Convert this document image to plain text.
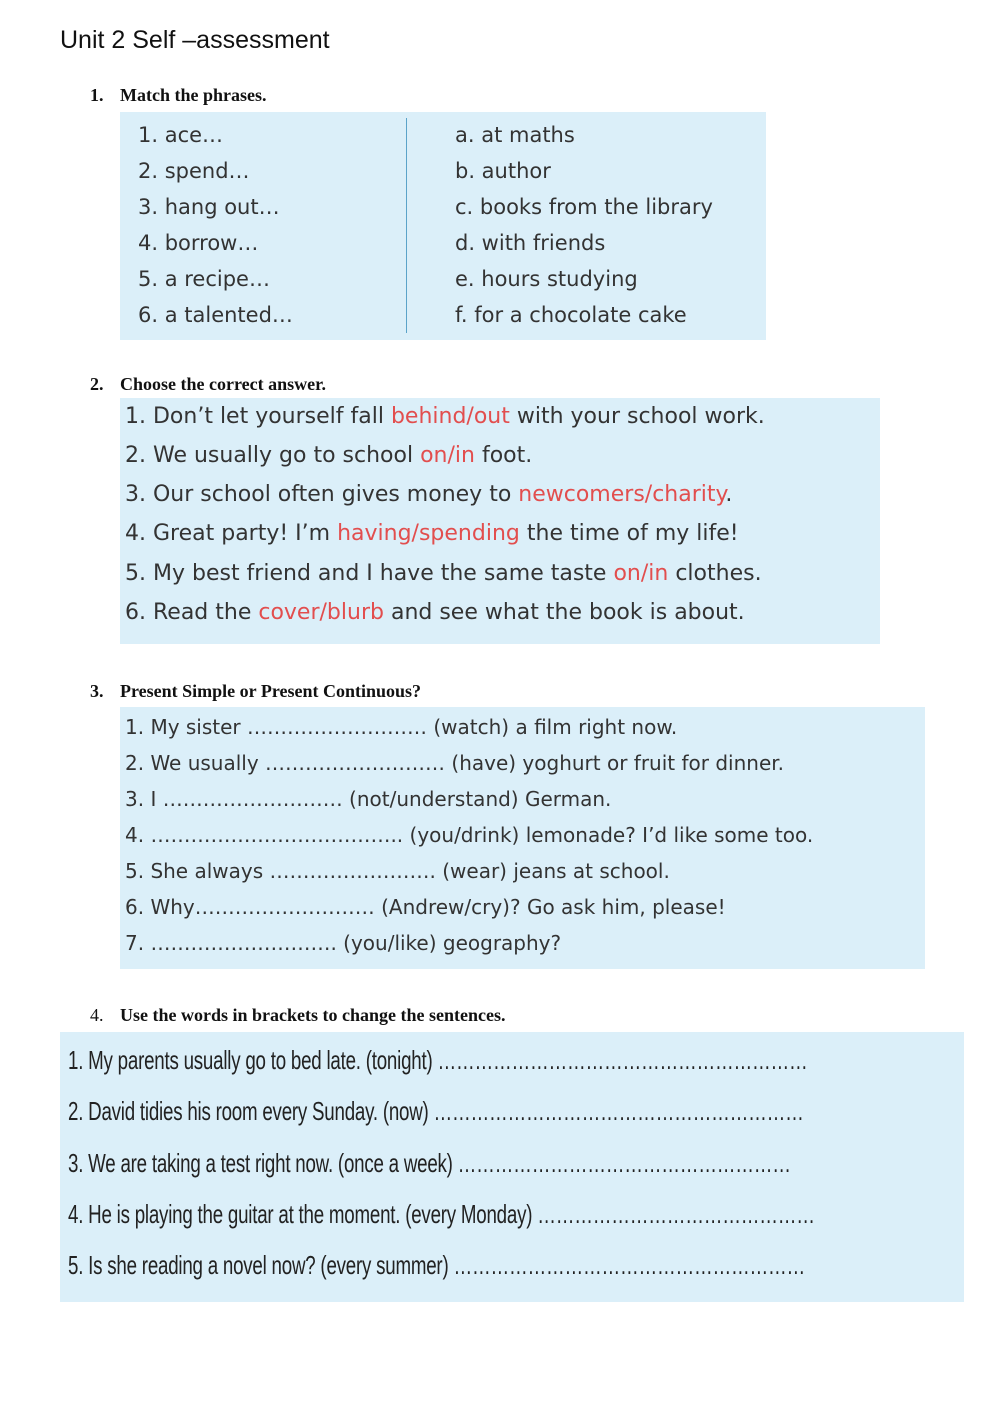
Unit 2 Self –assessment
1. Match the phrases.
1. ace…
2. spend…
3. hang out…
4. borrow…
5. a recipe…
6. a talented…
a. at maths
b. author
c. books from the library
d. with friends
e. hours studying
f. for a chocolate cake
2. Choose the correct answer.
1. Don’t let yourself fall behind/out with your school work.
2. We usually go to school on/in foot.
3. Our school often gives money to newcomers/charity.
4. Great party! I’m having/spending the time of my life!
5. My best friend and I have the same taste on/in clothes.
6. Read the cover/blurb and see what the book is about.
3. Present Simple or Present Continuous?
1. My sister ……………………… (watch) a film right now.
2. We usually ……………………… (have) yoghurt or fruit for dinner.
3. I ……………………… (not/understand) German.
4. ……………………………….. (you/drink) lemonade? I’d like some too.
5. She always ……………………. (wear) jeans at school.
6. Why……………………… (Andrew/cry)? Go ask him, please!
7. ………………………. (you/like) geography?
4. Use the words in brackets to change the sentences.
1. My parents usually go to bed late. (tonight) ……………………………………………………
2. David tidies his room every Sunday. (now) ……………………………………………………
3. We are taking a test right now. (once a week) ………………………………………………
4. He is playing the guitar at the moment. (every Monday) ………………………………………
5. Is she reading a novel now? (every summer) …………………………………………………
